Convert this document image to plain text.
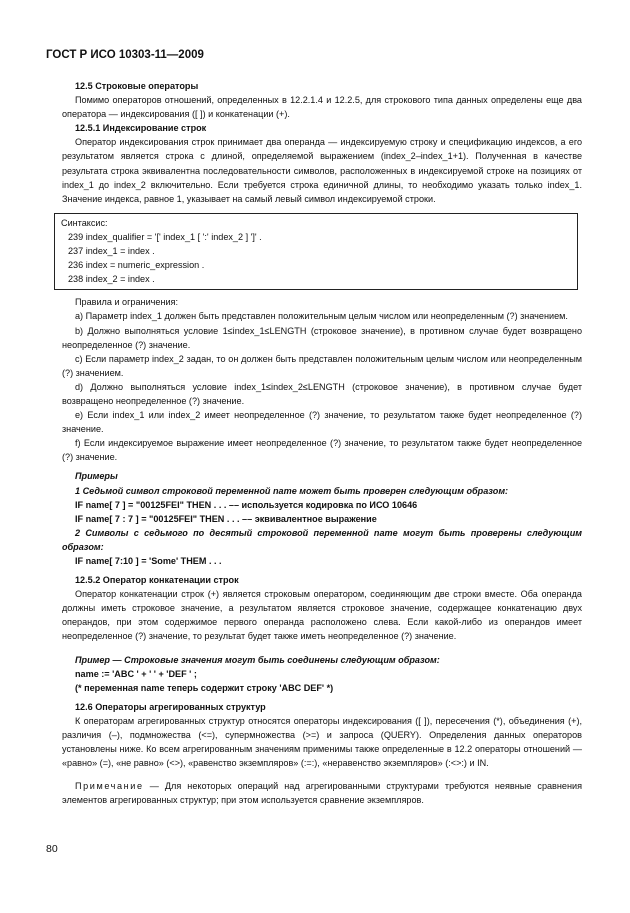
ГОСТ Р ИСО 10303-11—2009

12.5 Строковые операторы

Помимо операторов отношений, определенных в 12.2.1.4 и 12.2.5, для строкового типа данных определены еще два оператора — индексирования ([ ]) и конкатенации (+).

12.5.1 Индексирование строк

Оператор индексирования строк принимает два операнда — индексируемую строку и спецификацию индексов, а его результатом является строка с длиной, определяемой выражением (index_2–index_1+1). Полученная в качестве результата строка эквивалентна последовательности символов, расположенных в индексируемой строке на позициях от index_1 до index_2 включительно. Если требуется строка единичной длины, то необходимо указать только index_1. Значение индекса, равное 1, указывает на самый левый символ индексируемой строки.

Синтаксис:

239 index_qualifier = '[' index_1 [ ':' index_2 ] ']' .

237 index_1 = index .

236 index = numeric_expression .

238 index_2 = index .

Правила и ограничения:

a) Параметр index_1 должен быть представлен положительным целым числом или неопределенным (?) значением.

b) Должно выполняться условие 1≤index_1≤LENGTH (строковое значение), в противном случае будет возвращено неопределенное (?) значение.

c) Если параметр index_2 задан, то он должен быть представлен положительным целым числом или неопределенным (?) значением.

d) Должно выполняться условие index_1≤index_2≤LENGTH (строковое значение), в противном случае будет возвращено неопределенное (?) значение.

e) Если index_1 или index_2 имеет неопределенное (?) значение, то результатом также будет неопределенное (?) значение.

f) Если индексируемое выражение имеет неопределенное (?) значение, то результатом также будет неопределенное (?) значение.

Примеры

1 Седьмой символ строковой переменной name может быть проверен следующим образом:

IF name[ 7 ] = "00125FEI" THEN . . . –– используется кодировка по ИСО 10646

IF name[ 7 : 7 ] = "00125FEI" THEN . . . –– эквивалентное выражение

2 Символы с седьмого по десятый строковой переменной name могут быть проверены следующим образом:

IF name[ 7:10 ] = 'Some' THEM . . .

12.5.2 Оператор конкатенации строк

Оператор конкатенации строк (+) является строковым оператором, соединяющим две строки вместе. Оба операнда должны иметь строковое значение, а результатом является строковое значение, содержащее конкатенацию двух операндов, при этом содержимое первого операнда расположено слева. Если какой-либо из операндов имеет неопределенное (?) значение, то результат будет также иметь неопределенное (?) значение.

Пример — Строковые значения могут быть соединены следующим образом:

name := 'ABC ' + ' ' + 'DEF ' ;

(* переменная name теперь содержит строку 'ABC DEF' *)

12.6 Операторы агрегированных структур

К операторам агрегированных структур относятся операторы индексирования ([ ]), пересечения (*), объединения (+), различия (–), подмножества (<=), супермножества (>=) и запроса (QUERY). Определения данных операторов установлены ниже. Ко всем агрегированным значениям применимы также определенные в 12.2 операторы отношений — «равно» (=), «не равно» (<>), «равенство экземпляров» (:=:), «неравенство экземпляров» (:<>:) и IN.

Примечание — Для некоторых операций над агрегированными структурами требуются неявные сравнения элементов агрегированных структур; при этом используется сравнение экземпляров.

80
